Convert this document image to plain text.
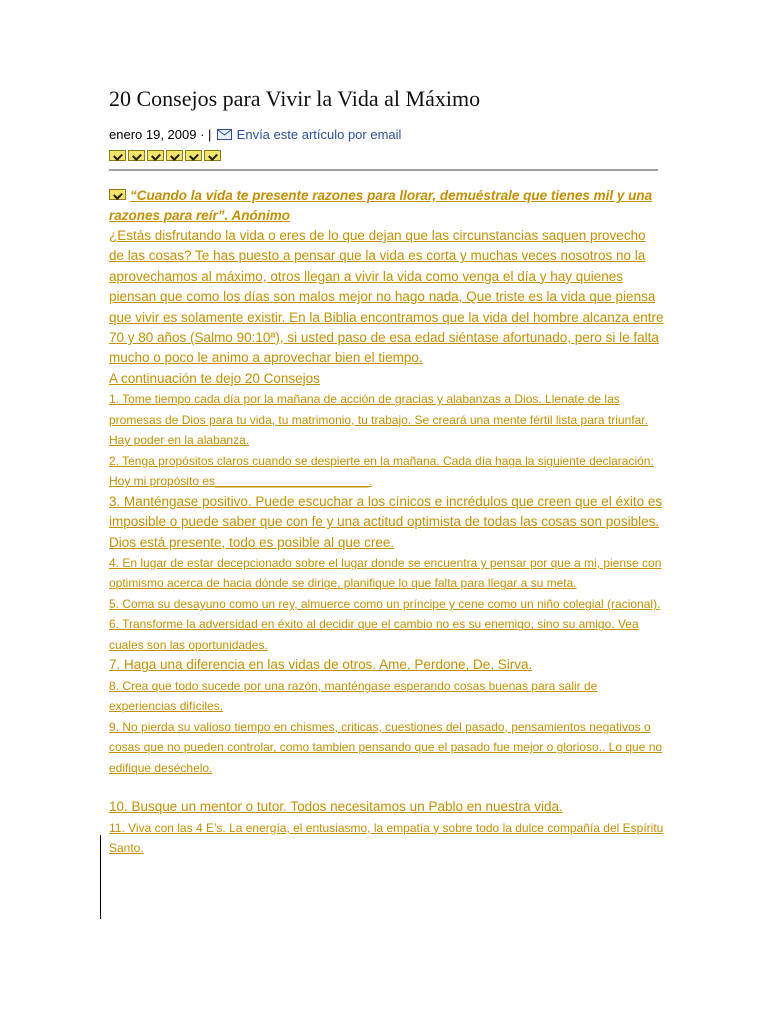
20 Consejos para Vivir la Vida al Máximo
enero 19, 2009 · | Envía este artículo por email

“Cuando la vida te presente razones para llorar, demuéstrale que tienes mil y una razones para reír”. Anónimo

¿Estás disfrutando la vida o eres de lo que dejan que las circunstancias saquen provecho de las cosas? Te has puesto a pensar que la vida es corta y muchas veces nosotros no la aprovechamos al máximo, otros llegan a vivir la vida como venga el día y hay quienes piensan que como los días son malos mejor no hago nada, Que triste es la vida que piensa que vivir es solamente existir. En la Biblia encontramos que la vida del hombre alcanza entre 70 y 80 años (Salmo 90:10ª), si usted paso de esa edad siéntase afortunado, pero si le falta mucho o poco le animo a aprovechar bien el tiempo.

A continuación te dejo 20 Consejos

1. Tome tiempo cada día por la mañana de acción de gracias y alabanzas a Dios. Llenate de las promesas de Dios para tu vida, tu matrimonio, tu trabajo. Se creará una mente fértil lista para triunfar. Hay poder en la alabanza.

2. Tenga propósitos claros cuando se despierte en la mañana. Cada día haga la siguiente declaración: Hoy mi propósito es_______________________.

3. Manténgase positivo. Puede escuchar a los cínicos e incrédulos que creen que el éxito es imposible o puede saber que con fe y una actitud optimista de todas las cosas son posibles. Dios está presente, todo es posible al que cree.

4. En lugar de estar decepcionado sobre el lugar donde se encuentra y pensar por que a mi, piense con optimismo acerca de hacia dónde se dirige, planifique lo que falta para llegar a su meta.

5. Coma su desayuno como un rey, almuerce como un príncipe y cene como un niño colegial (racional).

6. Transforme la adversidad en éxito al decidir que el cambio no es su enemigo, sino su amigo. Vea cuales son las oportunidades.

7. Haga una diferencia en las vidas de otros. Ame, Perdone, De, Sirva.

8. Crea que todo sucede por una razón, manténgase esperando cosas buenas para salir de experiencias difíciles.

9. No pierda su valioso tiempo en chismes, criticas, cuestiones del pasado, pensamientos negativos o cosas que no pueden controlar, como tambien pensando que el pasado fue mejor o glorioso.. Lo que no edifique deséchelo.

10. Busque un mentor o tutor. Todos necesitamos un Pablo en nuestra vida.

11. Viva con las 4 E’s. La energía, el entusiasmo, la empatía y sobre todo la dulce compañía del Espíritu Santo.
